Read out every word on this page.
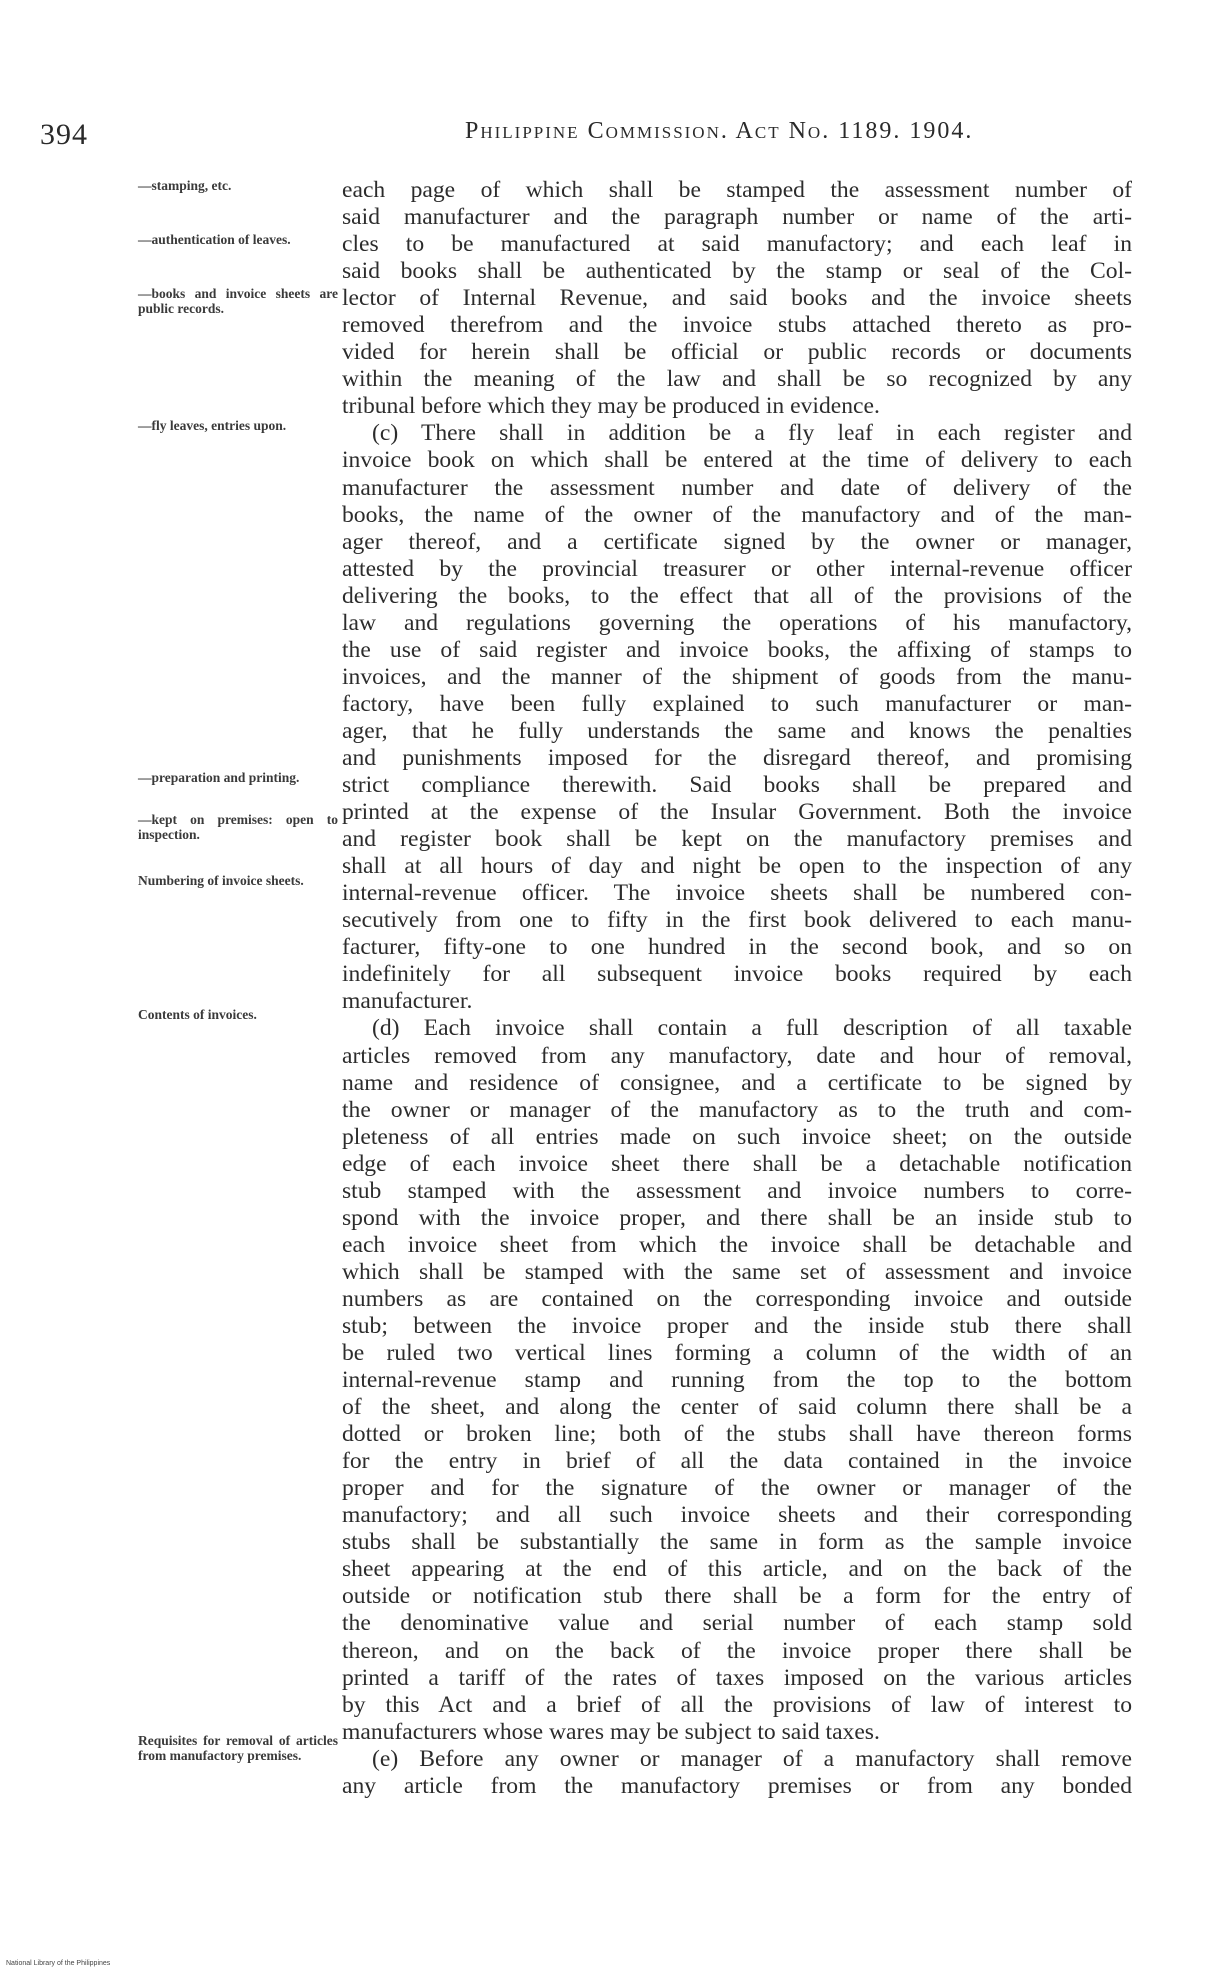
394	Philippine Commission. Act No. 1189. 1904.
—stamping, etc.
—authentication of leaves.
—books and invoice sheets are public records.
—fly leaves, entries upon.
—preparation and printing.
—kept on premises: open to inspection.
Numbering of invoice sheets.
Contents of invoices.
Requisites for removal of articles from manufactory premises.
each page of which shall be stamped the assessment number of
said manufacturer and the paragraph number or name of the arti-
cles to be manufactured at said manufactory; and each leaf in
said books shall be authenticated by the stamp or seal of the Col-
lector of Internal Revenue, and said books and the invoice sheets
removed therefrom and the invoice stubs attached thereto as pro-
vided for herein shall be official or public records or documents
within the meaning of the law and shall be so recognized by any
tribunal before which they may be produced in evidence.
(c) There shall in addition be a fly leaf in each register and
invoice book on which shall be entered at the time of delivery to each
manufacturer the assessment number and date of delivery of the
books, the name of the owner of the manufactory and of the man-
ager thereof, and a certificate signed by the owner or manager,
attested by the provincial treasurer or other internal-revenue officer
delivering the books, to the effect that all of the provisions of the
law and regulations governing the operations of his manufactory,
the use of said register and invoice books, the affixing of stamps to
invoices, and the manner of the shipment of goods from the manu-
factory, have been fully explained to such manufacturer or man-
ager, that he fully understands the same and knows the penalties
and punishments imposed for the disregard thereof, and promising
strict compliance therewith. Said books shall be prepared and
printed at the expense of the Insular Government. Both the invoice
and register book shall be kept on the manufactory premises and
shall at all hours of day and night be open to the inspection of any
internal-revenue officer. The invoice sheets shall be numbered con-
secutively from one to fifty in the first book delivered to each manu-
facturer, fifty-one to one hundred in the second book, and so on
indefinitely for all subsequent invoice books required by each
manufacturer.
(d) Each invoice shall contain a full description of all taxable
articles removed from any manufactory, date and hour of removal,
name and residence of consignee, and a certificate to be signed by
the owner or manager of the manufactory as to the truth and com-
pleteness of all entries made on such invoice sheet; on the outside
edge of each invoice sheet there shall be a detachable notification
stub stamped with the assessment and invoice numbers to corre-
spond with the invoice proper, and there shall be an inside stub to
each invoice sheet from which the invoice shall be detachable and
which shall be stamped with the same set of assessment and invoice
numbers as are contained on the corresponding invoice and outside
stub; between the invoice proper and the inside stub there shall
be ruled two vertical lines forming a column of the width of an
internal-revenue stamp and running from the top to the bottom
of the sheet, and along the center of said column there shall be a
dotted or broken line; both of the stubs shall have thereon forms
for the entry in brief of all the data contained in the invoice
proper and for the signature of the owner or manager of the
manufactory; and all such invoice sheets and their corresponding
stubs shall be substantially the same in form as the sample invoice
sheet appearing at the end of this article, and on the back of the
outside or notification stub there shall be a form for the entry of
the denominative value and serial number of each stamp sold
thereon, and on the back of the invoice proper there shall be
printed a tariff of the rates of taxes imposed on the various articles
by this Act and a brief of all the provisions of law of interest to
manufacturers whose wares may be subject to said taxes.
(e) Before any owner or manager of a manufactory shall remove
any article from the manufactory premises or from any bonded
National Library of the Philippines
